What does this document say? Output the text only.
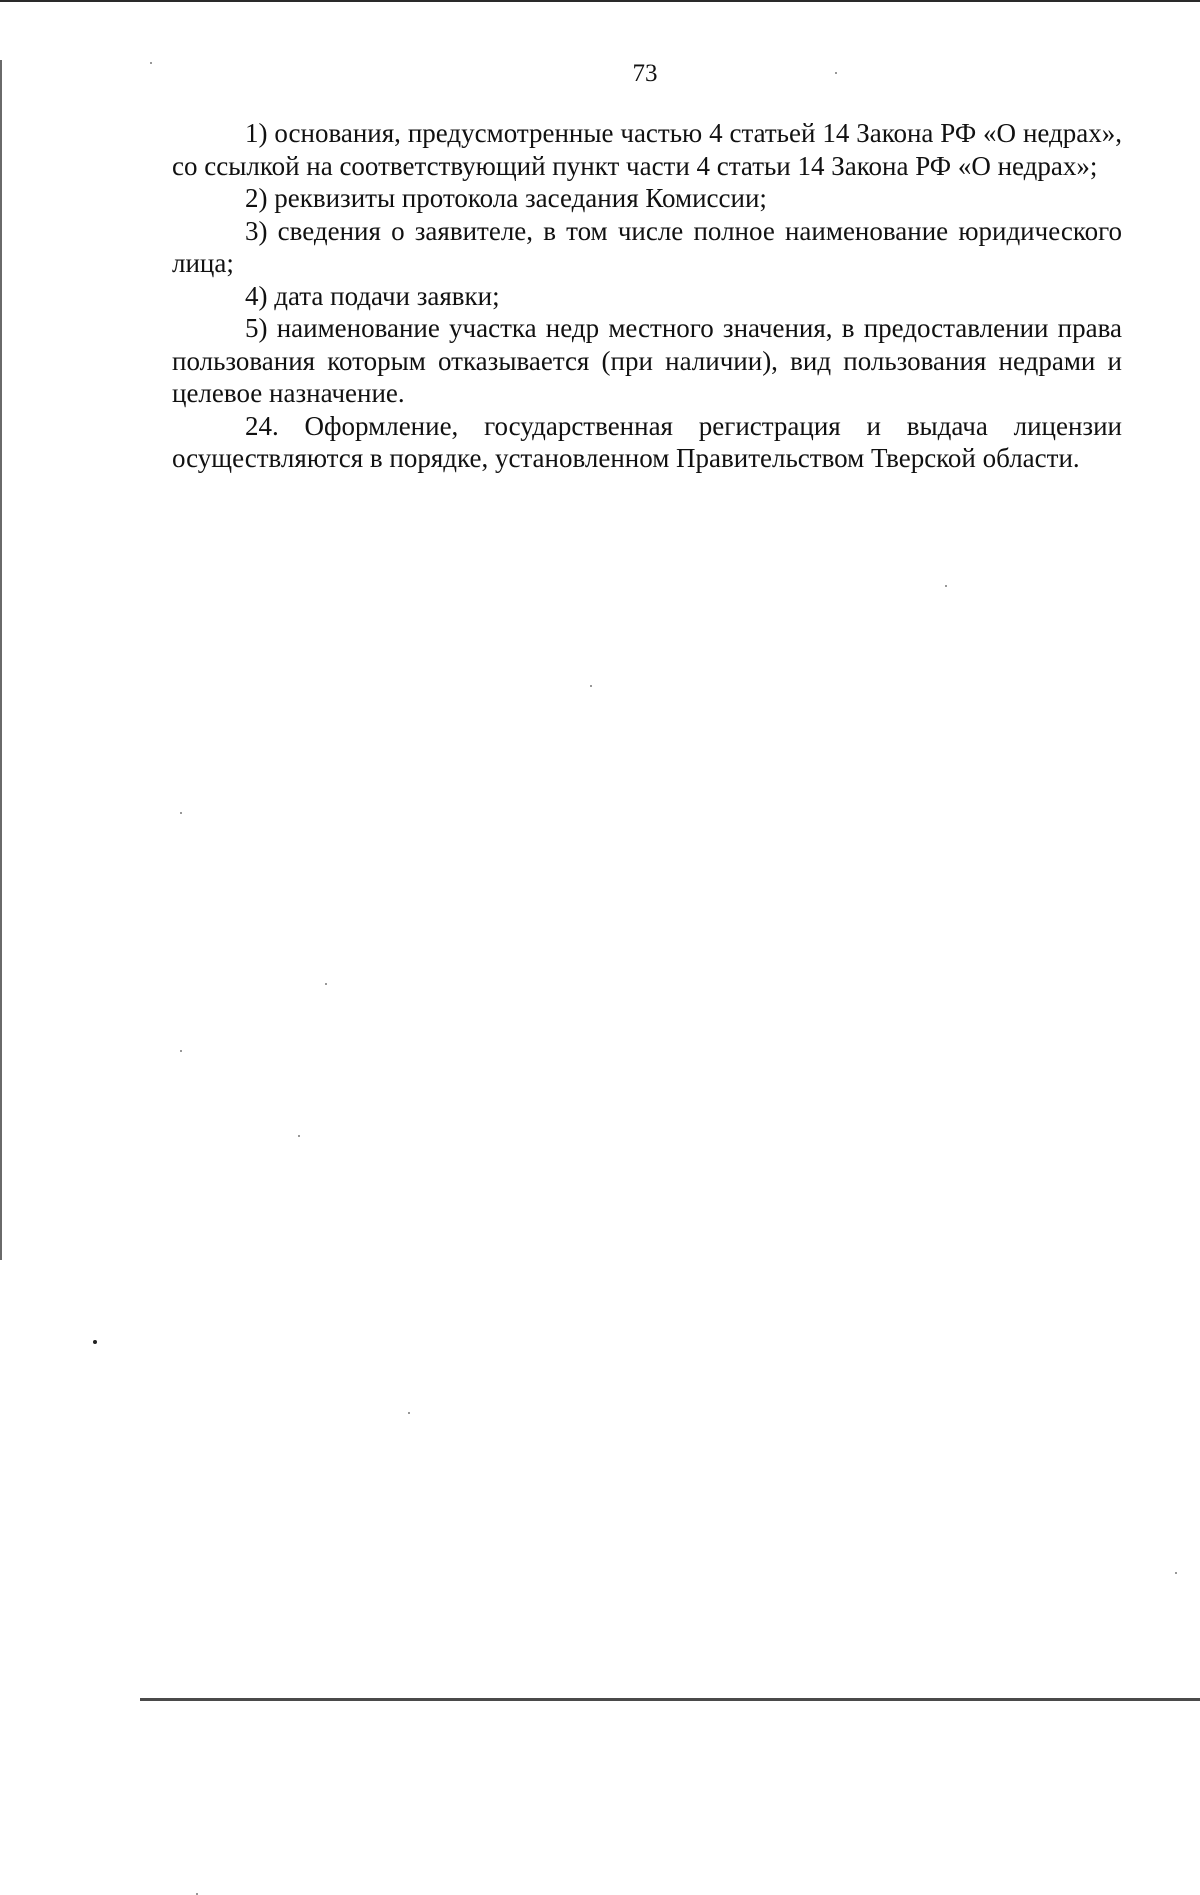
73

1) основания, предусмотренные частью 4 статьей 14 Закона РФ «О недрах», со ссылкой на соответствующий пункт части 4 статьи 14 Закона РФ «О недрах»;

2) реквизиты протокола заседания Комиссии;

3) сведения о заявителе, в том числе полное наименование юридического лица;

4) дата подачи заявки;

5) наименование участка недр местного значения, в предоставлении права пользования которым отказывается (при наличии), вид пользования недрами и целевое назначение.

24. Оформление, государственная регистрация и выдача лицензии осуществляются в порядке, установленном Правительством Тверской области.
